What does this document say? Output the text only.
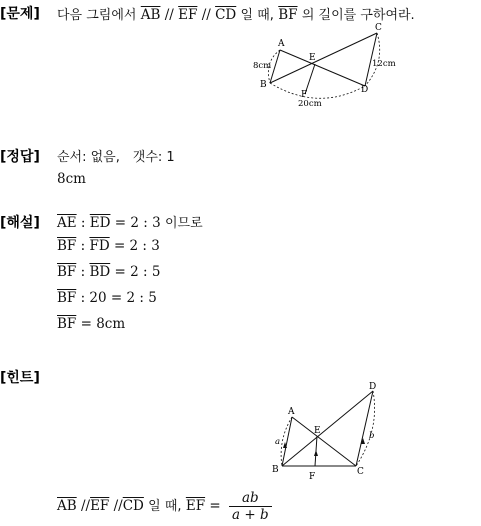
[문제] 다음 그림에서 $\overline{AB} // \overline{EF} // \overline{CD}$ 일 때, $\overline{BF}$ 의 길이를 구하여라.
A
B
C
D
E
F
8cm	12cm
20cm
[정답] 순서: 없음, 갯수: 1
8cm
[해설] $\overline{AE}$ : $\overline{ED} = 2$ : 3 이므로
$\overline{BF}$ : $\overline{FD} = 2$ : 3
$\overline{BF}$ : $\overline{BD} = 2$ : 5
$\overline{BF}$ : 20 = 2 : 5
$\overline{BF} = 8cm$
[힌트]
A
B	C
D
E
F
a
b
$\overline{AB}$ $//\overline{EF}$ $//\overline{CD}$ 일 때, $\overline{EF} = \frac{ab}{a + b}$
